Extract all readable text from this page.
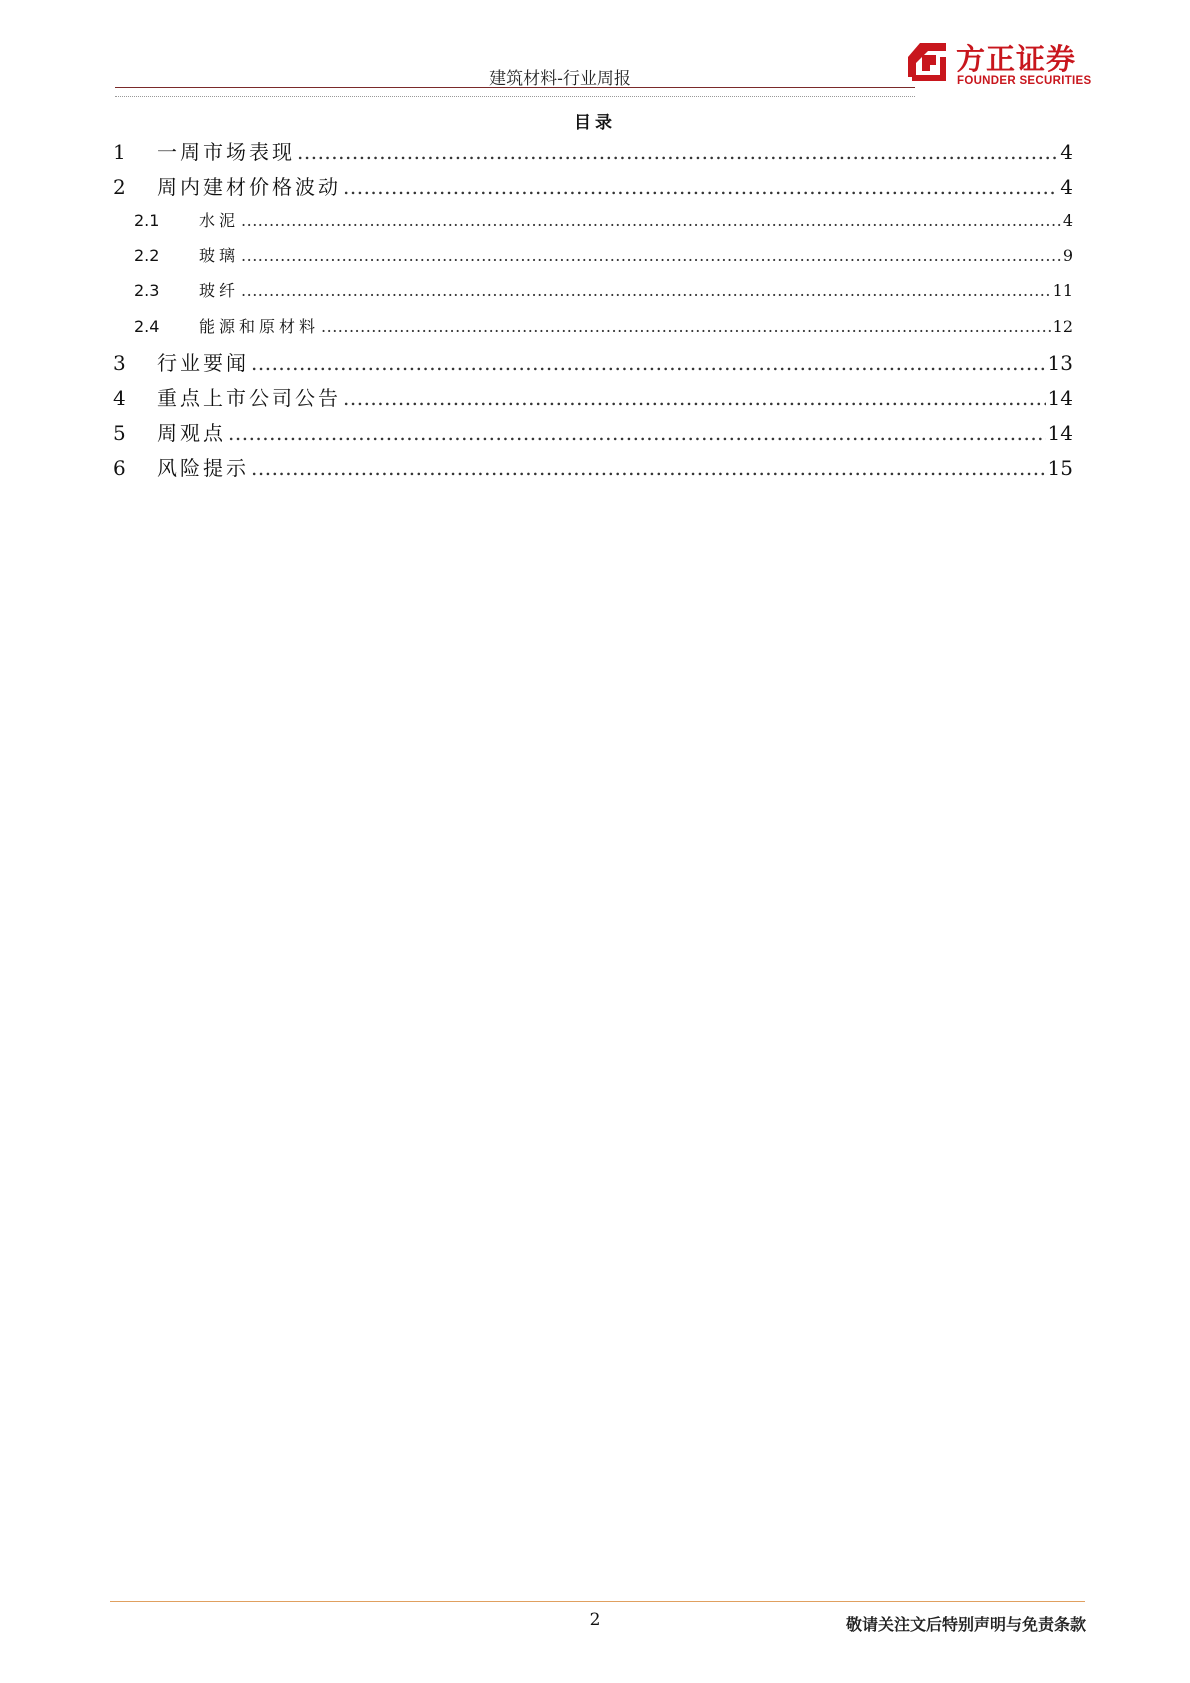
建筑材料-行业周报
方正证券
FOUNDER SECURITIES
目录
1	一周市场表现 .....	4
2	周内建材价格波动 .....	4
2.1	水泥 .....	4
2.2	玻璃 .....	9
2.3	玻纤 .....	11
2.4	能源和原材料 .....	12
3	行业要闻 .....	13
4	重点上市公司公告 .....	14
5	周观点 .....	14
6	风险提示 .....	15
2	敬请关注文后特别声明与免责条款
